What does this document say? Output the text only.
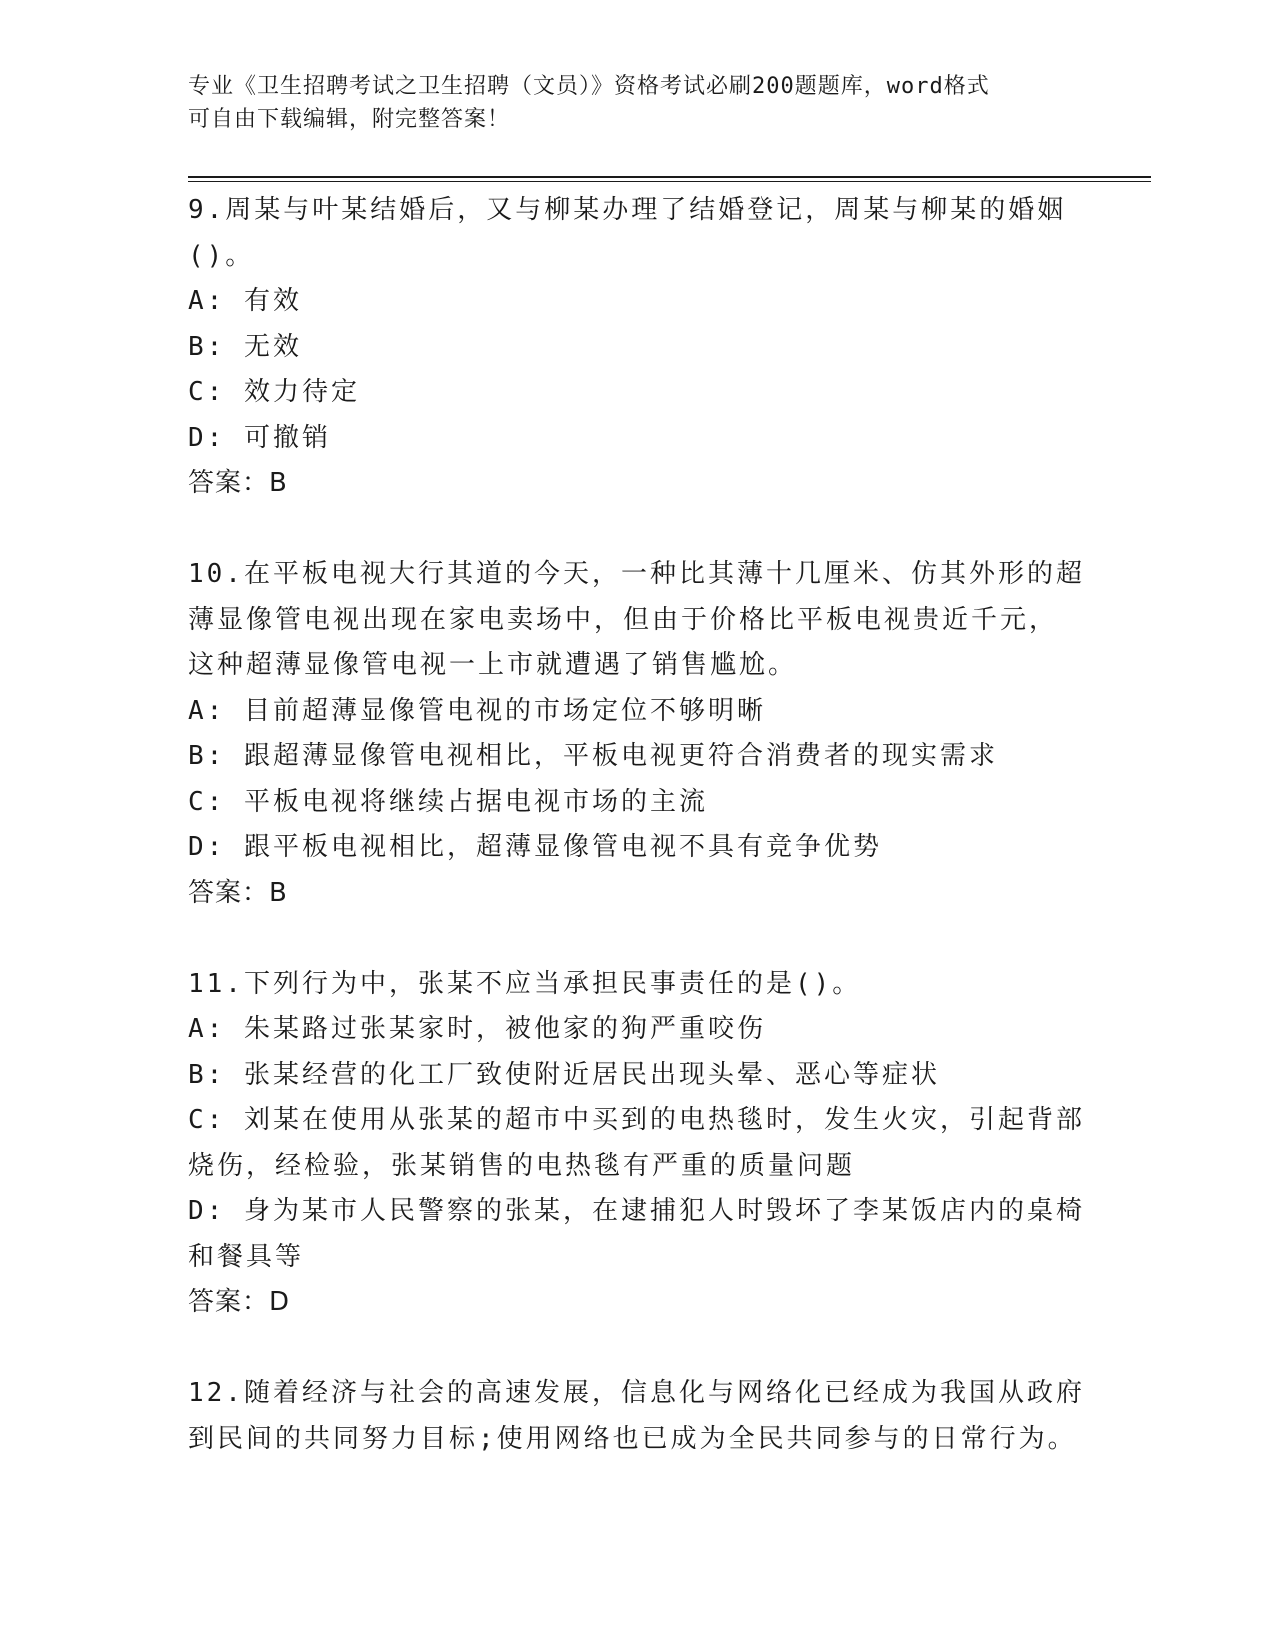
专业《卫生招聘考试之卫生招聘（文员）》资格考试必刷200题题库，word格式
可自由下载编辑，附完整答案！
9.周某与叶某结婚后，又与柳某办理了结婚登记，周某与柳某的婚姻
()。
A: 有效
B: 无效
C: 效力待定
D: 可撤销
答案：B
10.在平板电视大行其道的今天，一种比其薄十几厘米、仿其外形的超
薄显像管电视出现在家电卖场中，但由于价格比平板电视贵近千元，
这种超薄显像管电视一上市就遭遇了销售尴尬。
A: 目前超薄显像管电视的市场定位不够明晰
B: 跟超薄显像管电视相比，平板电视更符合消费者的现实需求
C: 平板电视将继续占据电视市场的主流
D: 跟平板电视相比，超薄显像管电视不具有竞争优势
答案：B
11.下列行为中，张某不应当承担民事责任的是()。
A: 朱某路过张某家时，被他家的狗严重咬伤
B: 张某经营的化工厂致使附近居民出现头晕、恶心等症状
C: 刘某在使用从张某的超市中买到的电热毯时，发生火灾，引起背部
烧伤，经检验，张某销售的电热毯有严重的质量问题
D: 身为某市人民警察的张某，在逮捕犯人时毁坏了李某饭店内的桌椅
和餐具等
答案：D
12.随着经济与社会的高速发展，信息化与网络化已经成为我国从政府
到民间的共同努力目标;使用网络也已成为全民共同参与的日常行为。
